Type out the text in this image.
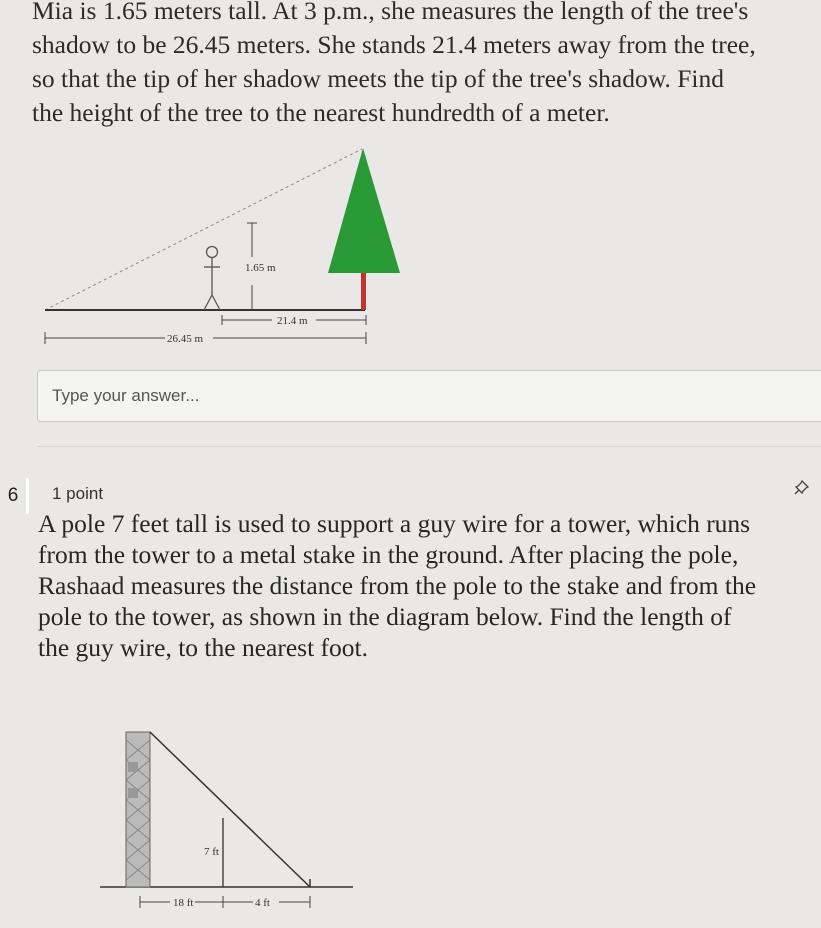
Mia is 1.65 meters tall. At 3 p.m., she measures the length of the tree's
shadow to be 26.45 meters. She stands 21.4 meters away from the tree,
so that the tip of her shadow meets the tip of the tree's shadow. Find
the height of the tree to the nearest hundredth of a meter.
1.65 m
21.4 m
26.45 m
Type your answer...
6	1 point
A pole 7 feet tall is used to support a guy wire for a tower, which runs
from the tower to a metal stake in the ground. After placing the pole,
Rashaad measures the distance from the pole to the stake and from the
pole to the tower, as shown in the diagram below. Find the length of
the guy wire, to the nearest foot.
7 ft
18 ft	4 ft
